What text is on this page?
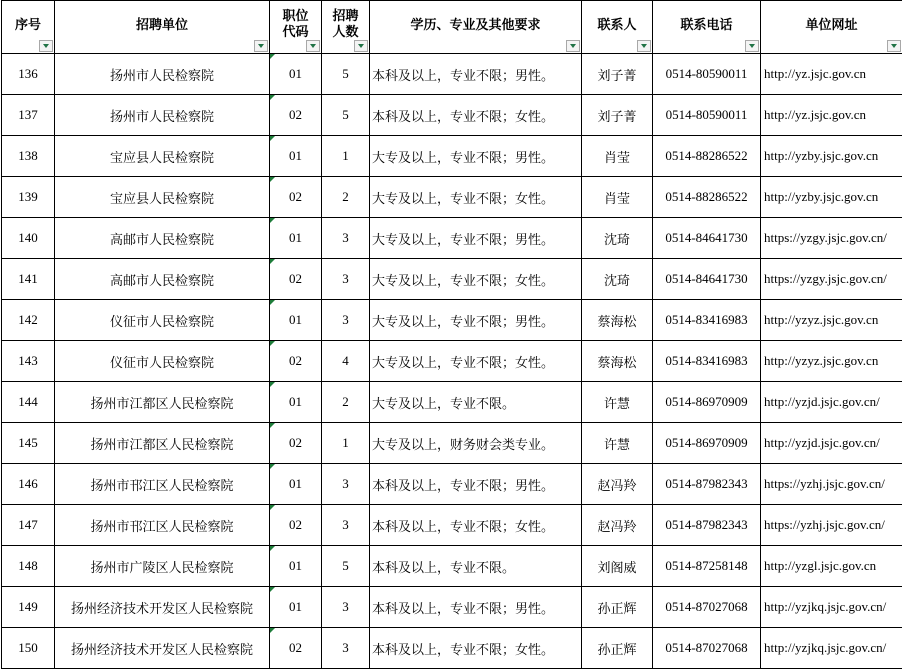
序号	招聘单位	职位代码	招聘人数	学历、专业及其他要求	联系人	联系电话	单位网址

136	扬州市人民检察院	01	5	本科及以上，专业不限；男性。	刘子菁	0514-80590011	http://yz.jsjc.gov.cn
137	扬州市人民检察院	02	5	本科及以上，专业不限；女性。	刘子菁	0514-80590011	http://yz.jsjc.gov.cn
138	宝应县人民检察院	01	1	大专及以上，专业不限；男性。	肖莹	0514-88286522	http://yzby.jsjc.gov.cn
139	宝应县人民检察院	02	2	大专及以上，专业不限；女性。	肖莹	0514-88286522	http://yzby.jsjc.gov.cn
140	高邮市人民检察院	01	3	大专及以上，专业不限；男性。	沈琦	0514-84641730	https://yzgy.jsjc.gov.cn/
141	高邮市人民检察院	02	3	大专及以上，专业不限；女性。	沈琦	0514-84641730	https://yzgy.jsjc.gov.cn/
142	仪征市人民检察院	01	3	大专及以上，专业不限；男性。	蔡海松	0514-83416983	http://yzyz.jsjc.gov.cn
143	仪征市人民检察院	02	4	大专及以上，专业不限；女性。	蔡海松	0514-83416983	http://yzyz.jsjc.gov.cn
144	扬州市江都区人民检察院	01	2	大专及以上，专业不限。	许慧	0514-86970909	http://yzjd.jsjc.gov.cn/
145	扬州市江都区人民检察院	02	1	大专及以上，财务财会类专业。	许慧	0514-86970909	http://yzjd.jsjc.gov.cn/
146	扬州市邗江区人民检察院	01	3	本科及以上，专业不限；男性。	赵冯羚	0514-87982343	https://yzhj.jsjc.gov.cn/
147	扬州市邗江区人民检察院	02	3	本科及以上，专业不限；女性。	赵冯羚	0514-87982343	https://yzhj.jsjc.gov.cn/
148	扬州市广陵区人民检察院	01	5	本科及以上，专业不限。	刘阁威	0514-87258148	http://yzgl.jsjc.gov.cn
149	扬州经济技术开发区人民检察院	01	3	本科及以上，专业不限；男性。	孙正辉	0514-87027068	http://yzjkq.jsjc.gov.cn/
150	扬州经济技术开发区人民检察院	02	3	本科及以上，专业不限；女性。	孙正辉	0514-87027068	http://yzjkq.jsjc.gov.cn/
